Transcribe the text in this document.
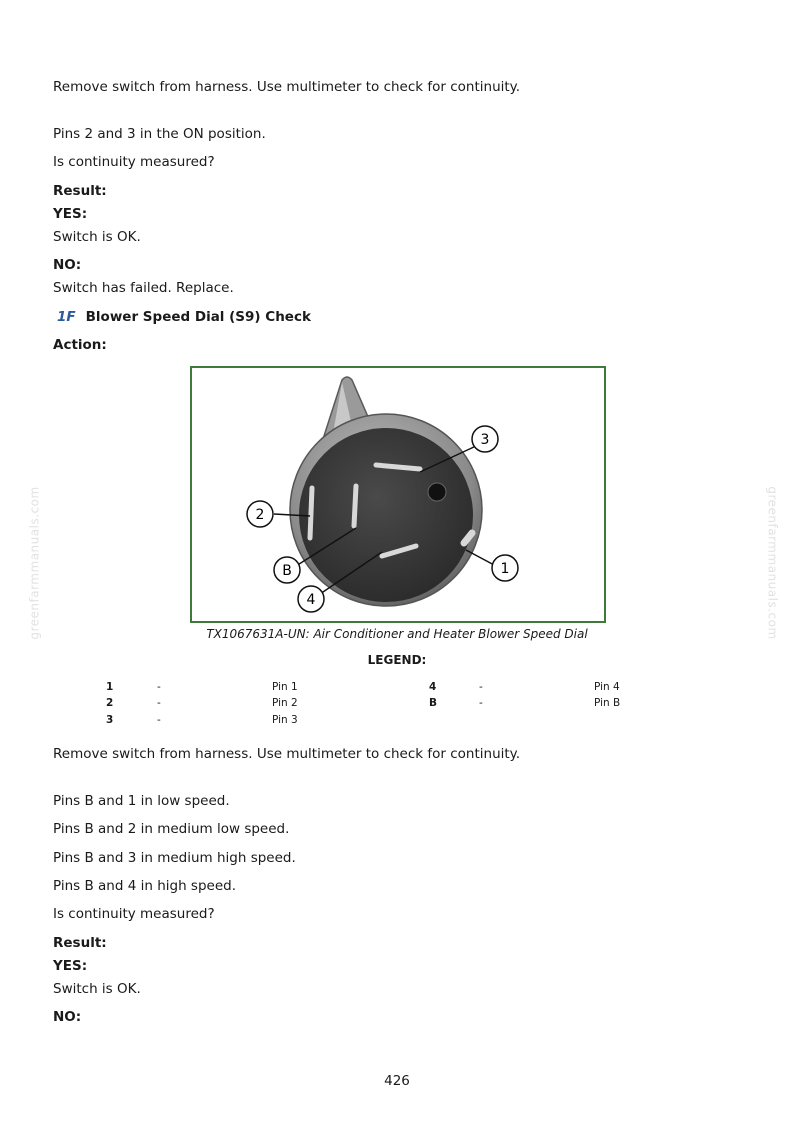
greenfarmmanuals.com	greenfarmmanuals.com

Remove switch from harness. Use multimeter to check for continuity.

Pins 2 and 3 in the ON position.

Is continuity measured?

Result:

YES:

Switch is OK.

NO:

Switch has failed. Replace.

1F Blower Speed Dial (S9) Check

Action:

3
2
B	1
4
TX1067631A-UN: Air Conditioner and Heater Blower Speed Dial
LEGEND:
1	-	Pin 1
2	-	Pin 2
3	-	Pin 3
4	-	Pin 4
B	-	Pin B

Remove switch from harness. Use multimeter to check for continuity.

Pins B and 1 in low speed.

Pins B and 2 in medium low speed.

Pins B and 3 in medium high speed.

Pins B and 4 in high speed.

Is continuity measured?

Result:

YES:

Switch is OK.

NO:

426
